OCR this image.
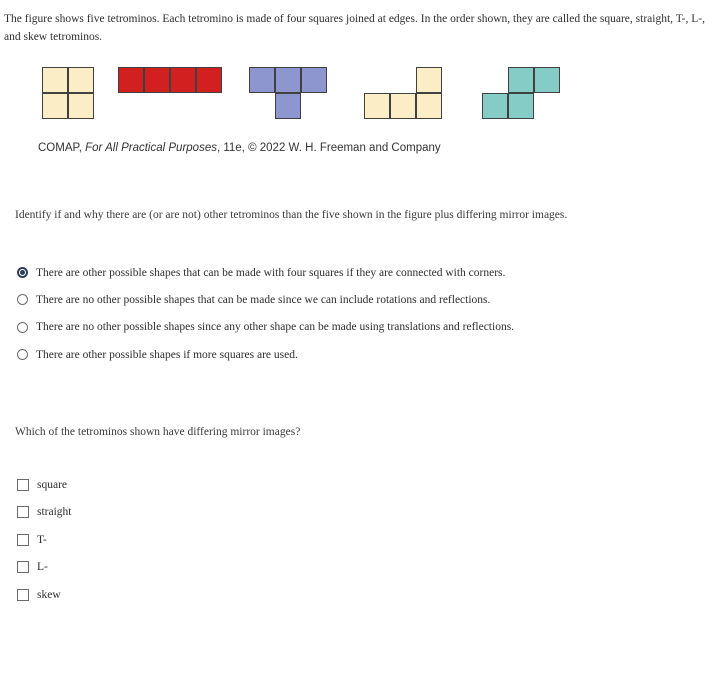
The figure shows five tetrominos. Each tetromino is made of four squares joined at edges. In the order shown, they are called the square, straight, T-, L-, and skew tetrominos.
COMAP, For All Practical Purposes, 11e, © 2022 W. H. Freeman and Company
Identify if and why there are (or are not) other tetrominos than the five shown in the figure plus differing mirror images.
There are other possible shapes that can be made with four squares if they are connected with corners.
There are no other possible shapes that can be made since we can include rotations and reflections.
There are no other possible shapes since any other shape can be made using translations and reflections.
There are other possible shapes if more squares are used.
Which of the tetrominos shown have differing mirror images?
square
straight
T-
L-
skew
